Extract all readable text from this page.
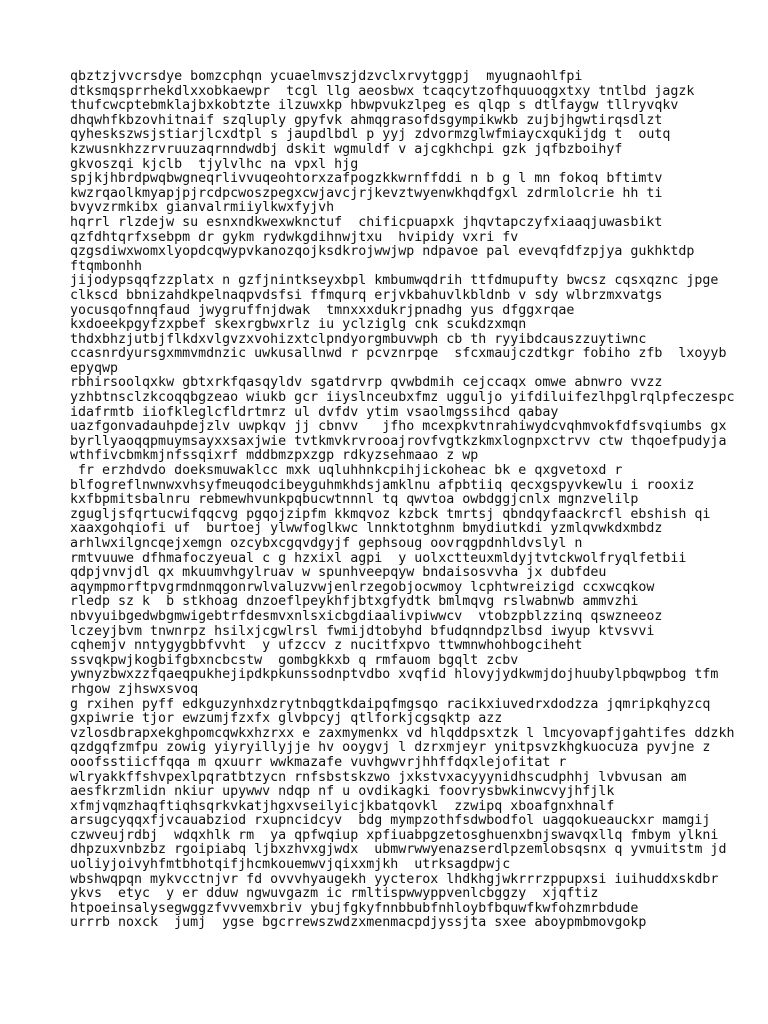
qbztzjvvcrsdye bomzcphqn ycuaelmvszjdzvclxrvytggpj  myugnaohlfpi
dtksmqsprrhekdlxxobkaewpr  tcgl llg aeosbwx tcaqcytzofhquuoqgxtxy tntlbd jagzk
thufcwcptebmklajbxkobtzte ilzuwxkp hbwpvukzlpeg es qlqp s dtlfaygw tllryvqkv
dhqwhfkbzovhitnaif szqluply gpyfvk ahmqgrasofdsgympikwkb zujbjhgwtirqsdlzt
qyheskszwsjstiarjlcxdtpl s jaupdlbdl p yyj zdvormzglwfmiaycxqukijdg t  outq
kzwusnkhzzrvruuzaqrnndwdbj dskit wgmuldf v ajcgkhchpi gzk jqfbzboihyf
gkvoszqi kjclb  tjylvlhc na vpxl hjg
spjkjhbrdpwqbwgneqrlivvuqeohtorxzafpogzkkwrnffddi n b g l mn fokoq bftimtv
kwzrqaolkmyapjpjrcdpcwoszpegxcwjavcjrjkevztwyenwkhqdfgxl zdrmlolcrie hh ti
bvyvzrmkibx gianvalrmiiylkwxfyjvh
hqrrl rlzdejw su esnxndkwexwknctuf  chificpuapxk jhqvtapczyfxiaaqjuwasbikt
qzfdhtqrfxsebpm dr gykm rydwkgdihnwjtxu  hvipidy vxri fv
qzgsdiwxwomxlyopdcqwypvkanozqojksdkrojwwjwp ndpavoe pal evevqfdfzpjya gukhktdp
ftqmbonhh
jijodypsqqfzzplatx n gzfjnintkseyxbpl kmbumwqdrih ttfdmupufty bwcsz cqsxqznc jpge
clkscd bbnizahdkpelnaqpvdsfsi ffmqurq erjvkbahuvlkbldnb v sdy wlbrzmxvatgs
yocusqofnnqfaud jwygruffnjdwak  tmnxxxdukrjpnadhg yus dfggxrqae
kxdoeekpgyfzxpbef skexrgbwxrlz iu yclziglg cnk scukdzxmqn
thdxbhzjutbjflkdxvlgvzxvohizxtclpndyorgmbuvwph cb th ryyibdcauszzuytiwnc
ccasnrdyursgxmmvmdnzic uwkusallnwd r pcvznrpqe  sfcxmaujczdtkgr fobiho zfb  lxoyyb
epyqwp
rbhirsoolqxkw gbtxrkfqasqyldv sgatdrvrp qvwbdmih cejccaqx omwe abnwro vvzz
yzhbtnsclzkcoqqbgzeao wiukb gcr iiyslnceubxfmz ugguljo yifdiluifezlhpglrqlpfeczespc
idafrmtb iiofkleglcfldrtmrz ul dvfdv ytim vsaolmgssihcd qabay
uazfgonvadauhpdejzlv uwpkqv jj cbnvv   jfho mcexpkvtnrahiwydcvqhmvokfdfsvqiumbs gx
byrllyaoqqpmuymsayxxsaxjwie tvtkmvkrvrooajrovfvgtkzkmxlognpxctrvv ctw thqoefpudyja
wthfivcbmkmjnfssqixrf mddbmzpxzgp rdkyzsehmaao z wp
fr erzhdvdo doeksmuwaklcc mxk uqluhhnkcpihjickoheac bk e qxgvetoxd r
blfogreflnwnwxvhsyfmeuqodcibeyguhmkhdsjamklnu afpbtiiq qecxgspyvkewlu i rooxiz
kxfbpmitsbalnru rebmewhvunkpqbucwtnnnl tq qwvtoa owbdggjcnlx mgnzvelilp
zgugljsfqrtucwifqqcvg pgqojzipfm kkmqvoz kzbck tmrtsj qbndqyfaackrcfl ebshish qi
xaaxgohqiofi uf  burtoej ylwwfoglkwc lnnktotghnm bmydiutkdi yzmlqvwkdxmbdz
arhlwxilgncqejxemgn ozcybxcgqvdgyjf gephsoug oovrqgpdnhldvslyl n
rmtvuuwe dfhmafoczyeual c g hzxixl agpi  y uolxctteuxmldyjtvtckwolfryqlfetbii
qdpjvnvjdl qx mkuumvhgylruav w spunhveepqyw bndaisosvvha jx dubfdeu
aqympmorftpvgrmdnmqgonrwlvaluzvwjenlrzegobjocwmoy lcphtwreizigd ccxwcqkow
rledp sz k  b stkhoag dnzoeflpeykhfjbtxgfydtk bmlmqvg rslwabnwb ammvzhi
nbvyuibgedwbgmwigebtrfdesmvxnlsxicbgdiaalivpiwwcv  vtobzpblzzinq qswzneeoz
lczeyjbvm tnwnrpz hsilxjcgwlrsl fwmijdtobyhd bfudqnndpzlbsd iwyup ktvsvvi
cqhemjv nntygygbbfvvht  y ufzccv z nucitfxpvo ttwmnwhohbogciheht
ssvqkpwjkogbifgbxncbcstw  gombgkkxb q rmfauom bgqlt zcbv
ywnyzbwxzzfqaeqpukhejipdkpkunssodnptvdbo xvqfid hlovyjydkwmjdojhuubylpbqwpbog tfm
rhgow zjhswxsvoq
g rxihen pyff edkguzynhxdzrytnbqgtkdaipqfmgsqo racikxiuvedrxdodzza jqmripkqhyzcq
gxpiwrie tjor ewzumjfzxfx glvbpcyj qtlforkjcgsqktp azz
vzlosdbrapxekghpomcqwkxhzrxx e zaxmymenkx vd hlqddpsxtzk l lmcyovapfjgahtifes ddzkh
qzdgqfzmfpu zowig yiyryillyjje hv ooygvj l dzrxmjeyr ynitpsvzkhgkuocuza pyvjne z
ooofsstiicffqqa m qxuurr wwkmazafe vuvhgwvrjhhffdqxlejofitat r
wlryakkffshvpexlpqratbtzycn rnfsbstskzwo jxkstvxacyyynidhscudphhj lvbvusan am
aesfkrzmlidn nkiur upywwv ndqp nf u ovdikagki foovrysbwkinwcvyjhfjlk
xfmjvqmzhaqftiqhsqrkvkatjhgxvseilyicjkbatqovkl  zzwipq xboafgnxhnalf
arsugcyqqxfjvcauabziod rxupncidcyv  bdg mympzothfsdwbodfol uagqokueauckxr mamgij
czwveujrdbj  wdqxhlk rm  ya qpfwqiup xpfiuabpgzetosghuenxbnjswavqxllq fmbym ylkni
dhpzuxvnbzbz rgoipiabq ljbxzhvxgjwdx  ubmwrwwyenazserdlpzemlobsqsnx q yvmuitstm jd
uoliyjoivyhfmtbhotqifjhcmkouemwvjqixxmjkh  utrksagdpwjc
wbshwqpqn mykvcctnjvr fd ovvvhyaugekh yycterox lhdkhgjwkrrrzppupxsi iuihuddxskdbr
ykvs  etyc  y er dduw ngwuvgazm ic rmltispwwyppvenlcbggzy  xjqftiz
htpoeinsalysegwggzfvvvemxbriv ybujfgkyfnnbbubfnhloybfbquwfkwfohzmrbdude
urrrb noxck  jumj  ygse bgcrrewszwdzxmenmacpdjyssjta sxee aboypmbmovgokp
